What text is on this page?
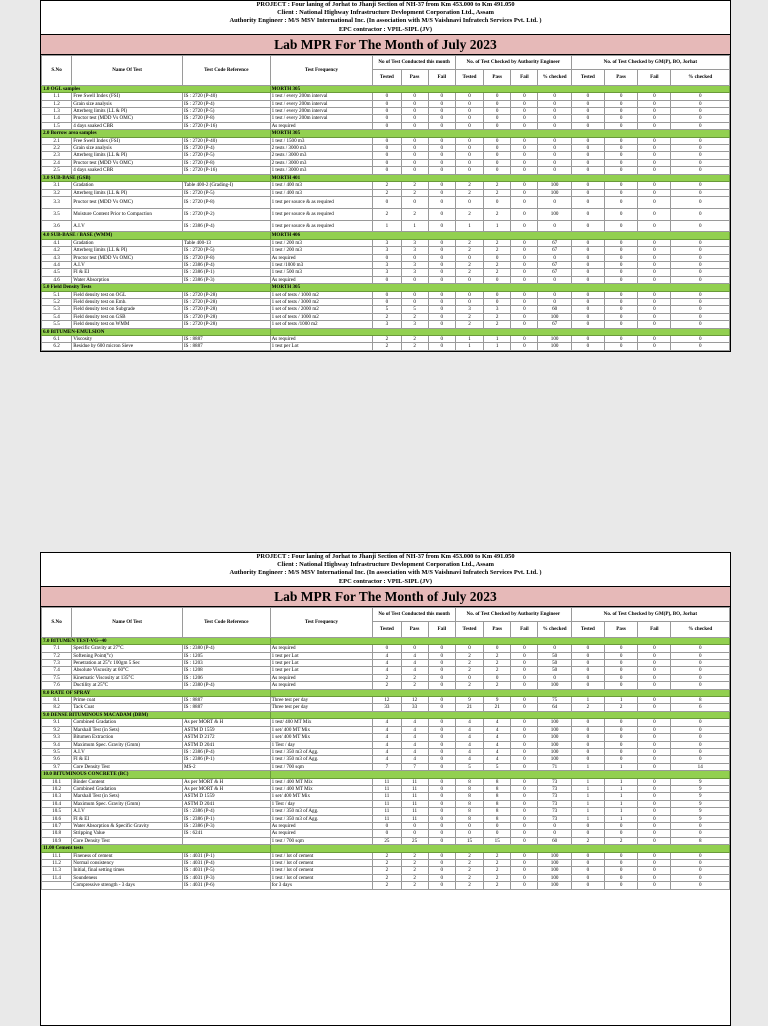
PROJECT : Four laning of Jorhat to Jhanji Section of NH-37 from Km 453.000 to Km 491.050
Client : National Highway Infrastructure Devlopment Corporation Ltd., Assam
Authority Engineer : M/S MSV International Inc. (In association with M/S Vaishnavi Infratech Services Pvt. Ltd. )
EPC contractor : VPIL-SIPL (JV)
Lab MPR For The Month of July 2023
S.No	Name Of Test	Test Code Reference	Test Frequency	No of Test Conducted this month			No. of Test Checked by Authority Engineer				No. of Test Checked by GM(P), BO, Jorhat			
				Tested	Pass	Fail	Tested	Pass	Fail	% checked	Tested	Pass	Fail	% checked
1.0 OGL samples			MORTH 305											
1.1	Free Swell Index (FSI)	IS : 2720 (P-40)	1 test / every 200m interval	0	0	0	0	0	0	0	0	0	0	0
1.2	Grain size analysis	IS : 2720 (P-4)	1 test / every 200m interval	0	0	0	0	0	0	0	0	0	0	0
1.3	Atterberg limits (LL & PI)	IS : 2720 (P-5)	1 test / every 200m interval	0	0	0	0	0	0	0	0	0	0	0
1.4	Proctor test (MDD Vs OMC)	IS : 2720 (P-8)	1 test / every 200m interval	0	0	0	0	0	0	0	0	0	0	0
1.5	4 days soaked CBR	IS : 2720 (P-16)	As required	0	0	0	0	0	0	0	0	0	0	0
2.0 Borrow area samples			MORTH 305											
2.1	Free Swell Index (FSI)	IS : 2720 (P-40)	1 test / 1500 m3	0	0	0	0	0	0	0	0	0	0	0
2.2	Grain size analysis	IS : 2720 (P-4)	2 tests / 3000 m3	0	0	0	0	0	0	0	0	0	0	0
2.3	Atterberg limits (LL & PI)	IS : 2720 (P-5)	2 tests / 3000 m3	0	0	0	0	0	0	0	0	0	0	0
2.4	Proctor test (MDD Vs OMC)	IS : 2720 (P-8)	2 tests / 3000 m3	0	0	0	0	0	0	0	0	0	0	0
2.5	4 days soaked CBR	IS : 2720 (P-16)	1 tests / 3000 m3	0	0	0	0	0	0	0	0	0	0	0
3.0 SUB-BASE (GSB)			MORTH 401											
3.1	Gradation	Table 400-2 (Grading-I)	1 test / 400 m3	2	2	0	2	2	0	100	0	0	0	0
3.2	Atterberg limits (LL & PI)	IS : 2720 (P-5)	1 test / 400 m3	2	2	0	2	2	0	100	0	0	0	0
3.3	Proctor test (MDD Vs OMC)	IS : 2720 (P-8)	1 test per source & as required	0	0	0	0	0	0	0	0	0	0	0
3.5	Moisture Content Prior to Compaction	IS : 2720 (P-2)	1 test per source & as required	2	2	0	2	2	0	100	0	0	0	0
3.6	A.I.V	IS : 2386 (P-4)	1 test per source & as required	1	1	0	1	1	0	0	0	0	0	0
4.0 SUB-BASE / BASE (WMM)			MORTH 406											
4.1	Gradation	Table 400-13	1 test / 200 m3	3	3	0	2	2	0	67	0	0	0	0
4.2	Atterberg limits (LL & PI)	IS : 2720 (P-5)	1 test / 200 m3	3	3	0	2	2	0	67	0	0	0	0
4.3	Proctor test (MDD Vs OMC)	IS : 2720 (P-8)	As required	0	0	0	0	0	0	0	0	0	0	0
4.4	A.I.V	IS : 2386 (P-4)	1 test /1000 m3	3	3	0	2	2	0	67	0	0	0	0
4.5	FI & EI	IS : 2386 (P-1)	1 test / 500 m3	3	3	0	2	2	0	67	0	0	0	0
4.6	Water Absorption	IS : 2386 (P-3)	As required	0	0	0	0	0	0	0	0	0	0	0
5.0 Field Density Tests			MORTH 305											
5.1	Field density test on OGL	IS : 2720 (P-28)	1 set of tests / 1000 m2	0	0	0	0	0	0	0	0	0	0	0
5.2	Field density test on Emb.	IS : 2720 (P-28)	1 set of tests / 3000 m2	0	0	0	0	0	0	0	0	0	0	0
5.3	Field density test on Subgrade	IS : 2720 (P-28)	1 set of tests / 2000 m2	5	5	0	3	3	0	60	0	0	0	0
5.4	Field density test on GSB	IS : 2720 (P-28)	1 set of tests / 1000 m2	2	2	0	2	2	0	100	0	0	0	0
5.5	Field density test on WMM	IS : 2720 (P-28)	1 set of tests /1000 m2	3	3	0	2	2	0	67	0	0	0	0
6.0 BITUMEN-EMULSION														
6.1	Viscosity	IS : 8887	As required	2	2	0	1	1	0	100	0	0	0	0
6.2	Residue by 600 micron Sieve	IS : 8887	1 test per Lot	2	2	0	1	1	0	100	0	0	0	0
PROJECT : Four laning of Jorhat to Jhanji Section of NH-37 from Km 453.000 to Km 491.050
Client : National Highway Infrastructure Devlopment Corporation Ltd., Assam
Authority Engineer : M/S MSV International Inc. (In association with M/S Vaishnavi Infratech Services Pvt. Ltd. )
EPC contractor : VPIL-SIPL (JV)
Lab MPR For The Month of July 2023
S.No	Name Of Test	Test Code Reference	Test Frequency	No of Test Conducted this month			No. of Test Checked by Authority Engineer				No. of Test Checked by GM(P), BO, Jorhat			
				Tested	Pass	Fail	Tested	Pass	Fail	% checked	Tested	Pass	Fail	% checked
7.0 BITUMEN TEST-VG--40														
7.1	Specific Gravity at 27°C	IS : 2380 (P-4)	As required	0	0	0	0	0	0	0	0	0	0	0
7.2	Softening Point(°c)	IS : 1205	1 test per Lot	4	4	0	2	2	0	50	0	0	0	0
7.3	Penetration at 25°c 100gm 5 Sec	IS : 1203	1 test per Lot	4	4	0	2	2	0	50	0	0	0	0
7.4	Absolute Viscosity at 60°C	IS : 1208	1 test per Lot	4	4	0	2	2	0	50	0	0	0	0
7.5	Kinematic Viscosity at 135°C	IS : 1206	As required	2	2	0	0	0	0	0	0	0	0	0
7.6	Ductility at 25°C	IS : 2380 (P-4)	As required	2	2	0	2	2	0	100	0	0	0	0
8.0 RATE OF SPRAY														
8.1	Prime coat	IS : 8887	Three test per day	12	12	0	9	9	0	75	1	1	0	8
8.2	Tack Coat	IS : 8887	Three test per day	33	33	0	21	21	0	64	2	2	0	6
9.0 DENSE BITUMINOUS MACADAM (DBM)														
9.1	Combined Gradation	As per MORT & H	1 test/ 400 MT Mix	4	4	0	4	4	0	100	0	0	0	0
9.2	Marshall Test (in Sets)	ASTM D 1559	1 set/ 400 MT Mix	4	4	0	4	4	0	100	0	0	0	0
9.3	Bitumen Extraction	ASTM D 2172	1 set/ 400 MT Mix	4	4	0	4	4	0	100	0	0	0	0
9.4	Maximum Spec. Gravity (Gmm)	ASTM D 2041	1 Test / day	4	4	0	4	4	0	100	0	0	0	0
9.5	A.I.V	IS : 2386 (P-4)	1 test / 350 m3 of Agg.	4	4	0	4	4	0	100	0	0	0	0
9.6	FI & EI	IS : 2386 (P-1)	1 test / 350 m3 of Agg.	4	4	0	4	4	0	100	0	0	0	0
9.7	Core Density Test	MS-2	1 test / 700 sqm	7	7	0	5	5	0	71	1	1	0	14
10.0 BITUMINOUS CONCRETE (BC)														
10.1	Binder Content	As per MORT & H	1 test / 400 MT Mix	11	11	0	8	8	0	73	1	1	0	9
10.2	Combined Gradation	As per MORT & H	1 test / 400 MT Mix	11	11	0	8	8	0	73	1	1	0	9
10.3	Marshall Test (in Sets)	ASTM D 1559	1 set/ 400 MT Mix	11	11	0	8	8	0	73	1	1	0	9
10.4	Maximum Spec. Gravity (Gmm)	ASTM D 2041	1 Test / day	11	11	0	8	8	0	73	1	1	0	9
10.5	A.I.V	IS : 2386 (P-4)	1 test / 350 m3 of Agg.	11	11	0	8	8	0	73	1	1	0	9
10.6	FI & EI	IS : 2386 (P-1)	1 test / 350 m3 of Agg.	11	11	0	8	8	0	73	1	1	0	9
10.7	Water Absorption & Specific Gravity	IS : 2386 (P-3)	As required	0	0	0	0	0	0	0	0	0	0	0
10.8	Stripping Value	IS : 6241	As required	0	0	0	0	0	0	0	0	0	0	0
10.9	Core Density Test		1 test / 700 sqm	25	25	0	15	15	0	60	2	2	0	8
11.00 Cement tests														
11.1	Fineness of cement	IS : 4031 (P-1)	1 test / lot of cement	2	2	0	2	2	0	100	0	0	0	0
11.2	Normal consistency	IS : 4031 (P-4)	1 test / lot of cement	2	2	0	2	2	0	100	0	0	0	0
11.3	Initial, final setting times	IS : 4031 (P-5)	1 test / lot of cement	2	2	0	2	2	0	100	0	0	0	0
11.4	Soundeness	IS : 4031 (P-3)	1 test / lot of cement	2	2	0	2	2	0	100	0	0	0	0
	Compressive strength - 3 days	IS : 4031 (P-6)	for 3 days	2	2	0	2	2	0	100	0	0	0	0
